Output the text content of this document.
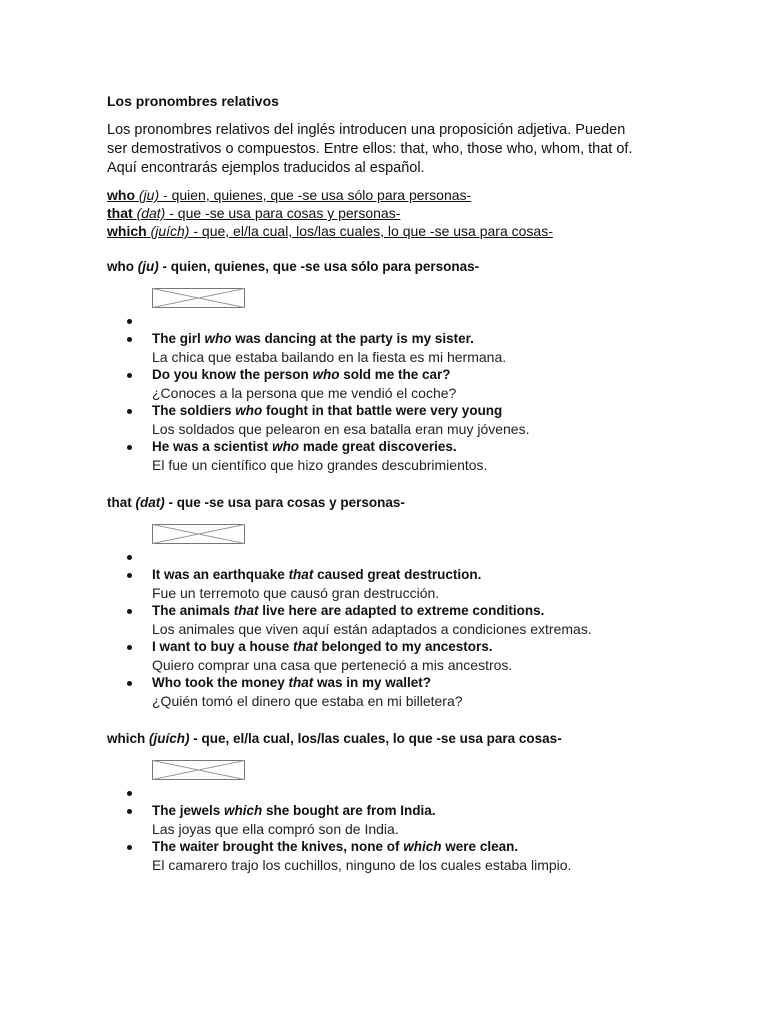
Los pronombres relativos
Los pronombres relativos del inglés introducen una proposición adjetiva. Pueden
ser demostrativos o compuestos. Entre ellos: that, who, those who, whom, that of.
Aquí encontrarás ejemplos traducidos al español.
who (ju) - quien, quienes, que -se usa sólo para personas-
that (dat) - que -se usa para cosas y personas-
which (juích) - que, el/la cual, los/las cuales, lo que -se usa para cosas-
who (ju) - quien, quienes, que -se usa sólo para personas-
The girl who was dancing at the party is my sister.
La chica que estaba bailando en la fiesta es mi hermana.
Do you know the person who sold me the car?
¿Conoces a la persona que me vendió el coche?
The soldiers who fought in that battle were very young
Los soldados que pelearon en esa batalla eran muy jóvenes.
He was a scientist who made great discoveries.
El fue un científico que hizo grandes descubrimientos.
that (dat) - que -se usa para cosas y personas-
It was an earthquake that caused great destruction.
Fue un terremoto que causó gran destrucción.
The animals that live here are adapted to extreme conditions.
Los animales que viven aquí están adaptados a condiciones extremas.
I want to buy a house that belonged to my ancestors.
Quiero comprar una casa que perteneció a mis ancestros.
Who took the money that was in my wallet?
¿Quién tomó el dinero que estaba en mi billetera?
which (juích) - que, el/la cual, los/las cuales, lo que -se usa para cosas-
The jewels which she bought are from India.
Las joyas que ella compró son de India.
The waiter brought the knives, none of which were clean.
El camarero trajo los cuchillos, ninguno de los cuales estaba limpio.
